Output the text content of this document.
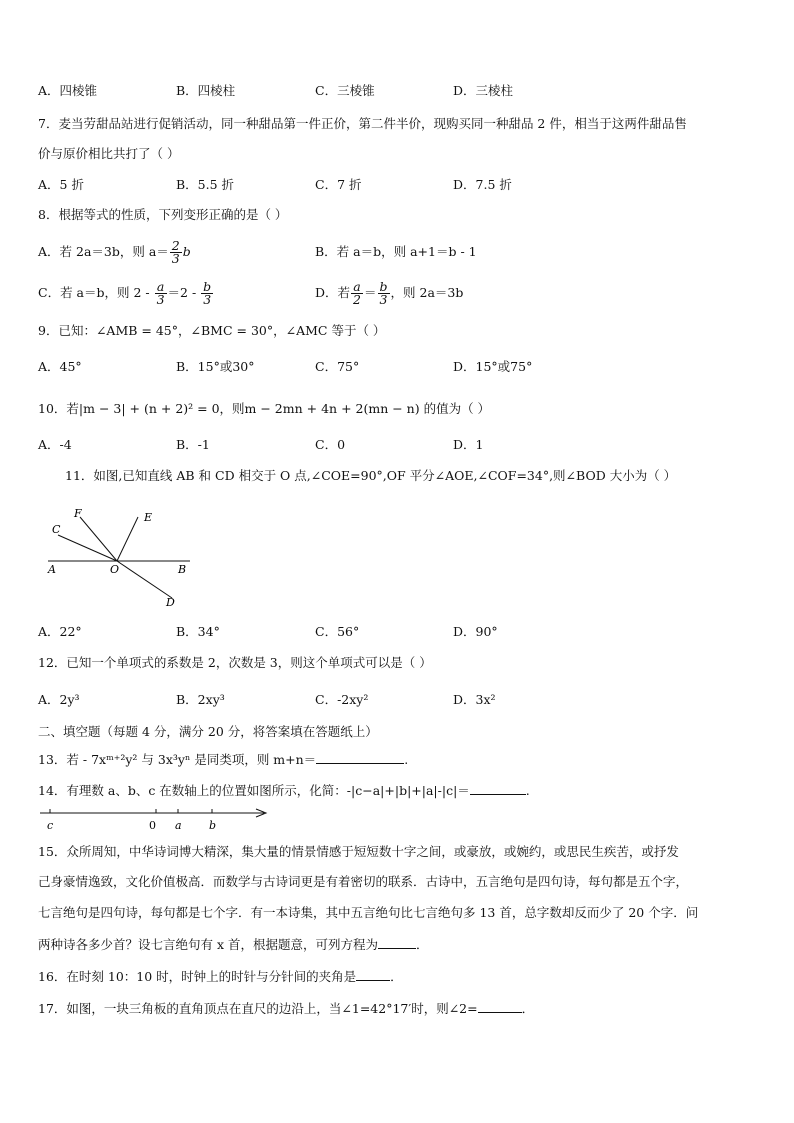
A．四棱锥	B．四棱柱	C．三棱锥	D．三棱柱
7．麦当劳甜品站进行促销活动，同一种甜品第一件正价，第二件半价，现购买同一种甜品 2 件，相当于这两件甜品售
价与原价相比共打了（ ）
A．5 折	B．5.5 折	C．7 折	D．7.5 折
8．根据等式的性质，下列变形正确的是（ ）
A．若 2a＝3b，则 $a= \frac{2}{3}$ b	B．若 a＝b，则 a+1＝b - 1
C．若 a＝b，则 $2 - \frac{a}{3} =2 - \frac{b}{3}$	D．若 $\frac{a}{2} = \frac{b}{3}$ ，则 2a＝3b
9．已知：∠AMB = 45°，∠BMC = 30°，∠AMC 等于（ ）
A．45°	B．15°或30°	C．75°	D．15°或75°
10．若|m − 3| + (n + 2)² = 0，则m − 2mn + 4n + 2(mn − n) 的值为（ ）
A．-4	B．-1	C．0	D．1
11．如图,已知直线 AB 和 CD 相交于 O 点,∠COE=90°,OF 平分∠AOE,∠COF=34°,则∠BOD 大小为（ ）
C
F	E
A	O	B
D
A．22°	B．34°	C．56°	D．90°
12．已知一个单项式的系数是 2，次数是 3，则这个单项式可以是（ ）
A．2y³	B．2xy³	C．-2xy²	D．3x²
二、填空题（每题 4 分，满分 20 分，将答案填在答题纸上）
13．若 - 7xᵐ⁺²y² 与 3x³yⁿ 是同类项，则 m+n＝	.
14．有理数 a、b、c 在数轴上的位置如图所示，化简：-|c−a|+|b|+|a|-|c|＝	.
c	0 a b
15．众所周知，中华诗词博大精深，集大量的情景情感于短短数十字之间，或豪放，或婉约，或思民生疾苦，或抒发
己身豪情逸致，文化价值极高．而数学与古诗词更是有着密切的联系．古诗中，五言绝句是四句诗，每句都是五个字，
七言绝句是四句诗，每句都是七个字．有一本诗集，其中五言绝句比七言绝句多 13 首，总字数却反而少了 20 个字．问
两种诗各多少首？设七言绝句有 x 首，根据题意，可列方程为	．
16．在时刻 10：10 时，时钟上的时针与分针间的夹角是	．
17．如图，一块三角板的直角顶点在直尺的边沿上，当∠1=42°17′时，则∠2=	．
